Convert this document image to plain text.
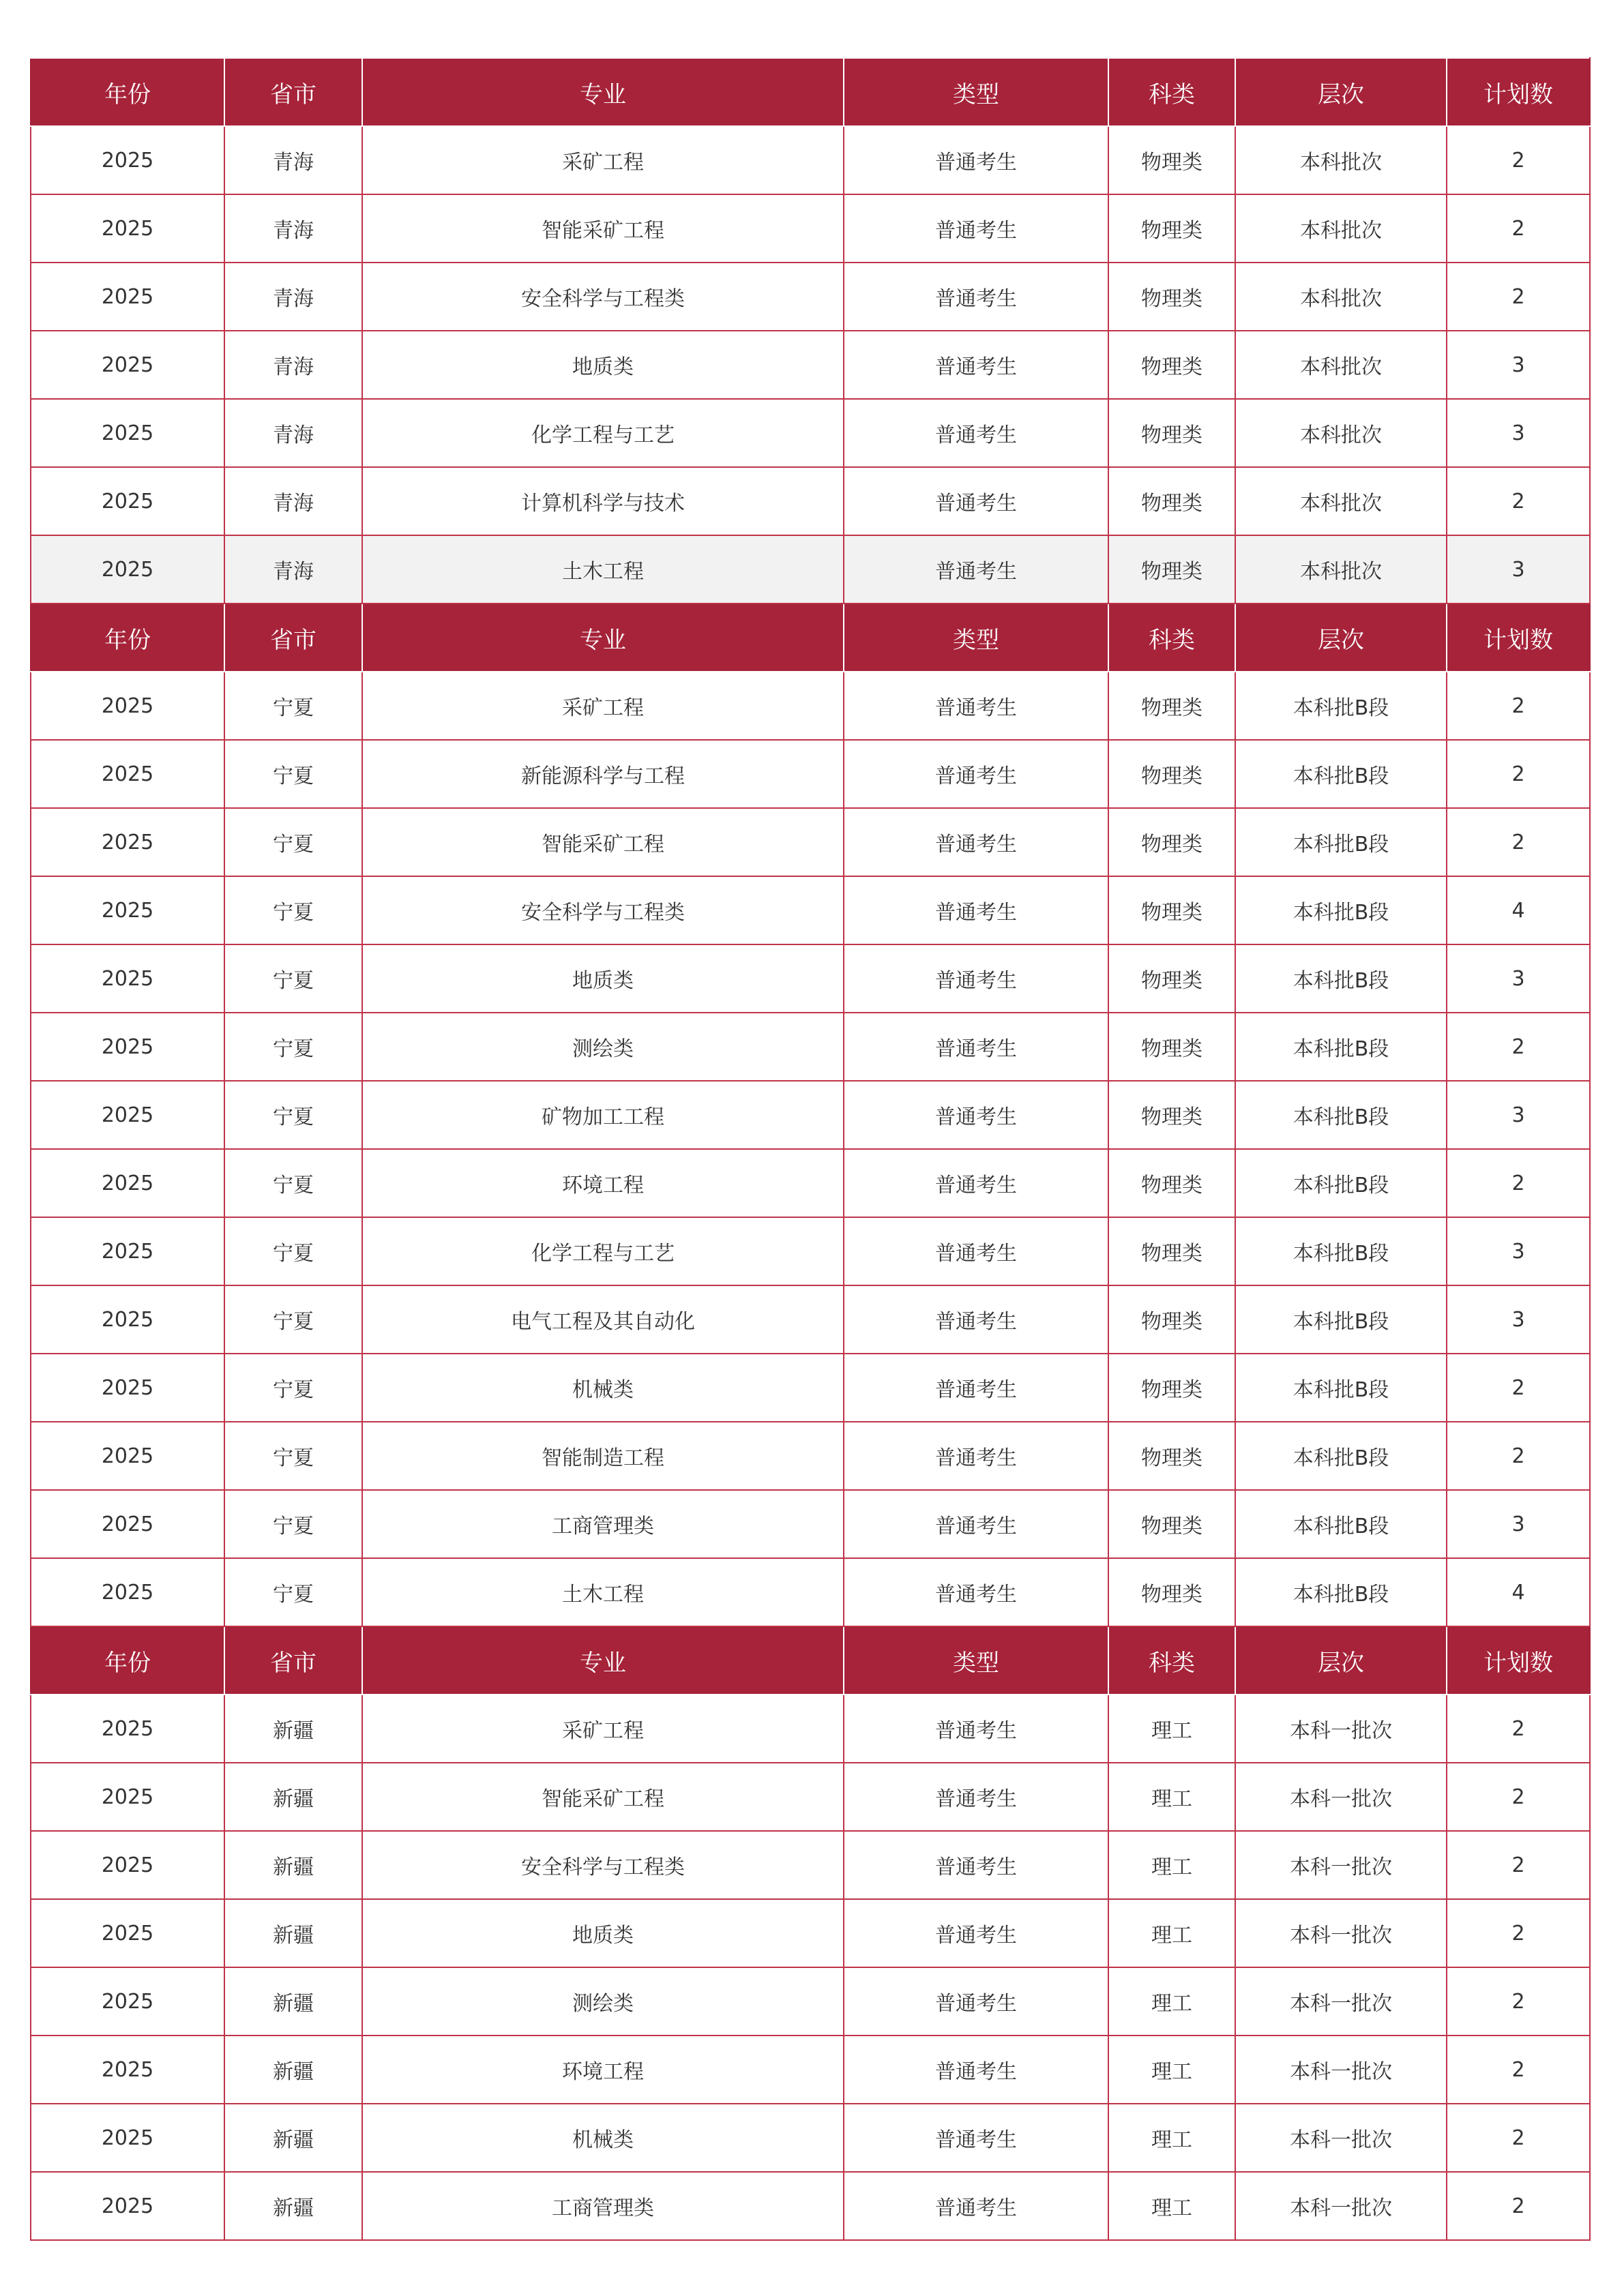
年份	省市	专业	类型	科类	层次	计划数
2025	青海	采矿工程	普通考生	物理类	本科批次	2
2025	青海	智能采矿工程	普通考生	物理类	本科批次	2
2025	青海	安全科学与工程类	普通考生	物理类	本科批次	2
2025	青海	地质类	普通考生	物理类	本科批次	3
2025	青海	化学工程与工艺	普通考生	物理类	本科批次	3
2025	青海	计算机科学与技术	普通考生	物理类	本科批次	2
2025	青海	土木工程	普通考生	物理类	本科批次	3
年份	省市	专业	类型	科类	层次	计划数
2025	宁夏	采矿工程	普通考生	物理类	本科批B段	2
2025	宁夏	新能源科学与工程	普通考生	物理类	本科批B段	2
2025	宁夏	智能采矿工程	普通考生	物理类	本科批B段	2
2025	宁夏	安全科学与工程类	普通考生	物理类	本科批B段	4
2025	宁夏	地质类	普通考生	物理类	本科批B段	3
2025	宁夏	测绘类	普通考生	物理类	本科批B段	2
2025	宁夏	矿物加工工程	普通考生	物理类	本科批B段	3
2025	宁夏	环境工程	普通考生	物理类	本科批B段	2
2025	宁夏	化学工程与工艺	普通考生	物理类	本科批B段	3
2025	宁夏	电气工程及其自动化	普通考生	物理类	本科批B段	3
2025	宁夏	机械类	普通考生	物理类	本科批B段	2
2025	宁夏	智能制造工程	普通考生	物理类	本科批B段	2
2025	宁夏	工商管理类	普通考生	物理类	本科批B段	3
2025	宁夏	土木工程	普通考生	物理类	本科批B段	4
年份	省市	专业	类型	科类	层次	计划数
2025	新疆	采矿工程	普通考生	理工	本科一批次	2
2025	新疆	智能采矿工程	普通考生	理工	本科一批次	2
2025	新疆	安全科学与工程类	普通考生	理工	本科一批次	2
2025	新疆	地质类	普通考生	理工	本科一批次	2
2025	新疆	测绘类	普通考生	理工	本科一批次	2
2025	新疆	环境工程	普通考生	理工	本科一批次	2
2025	新疆	机械类	普通考生	理工	本科一批次	2
2025	新疆	工商管理类	普通考生	理工	本科一批次	2
